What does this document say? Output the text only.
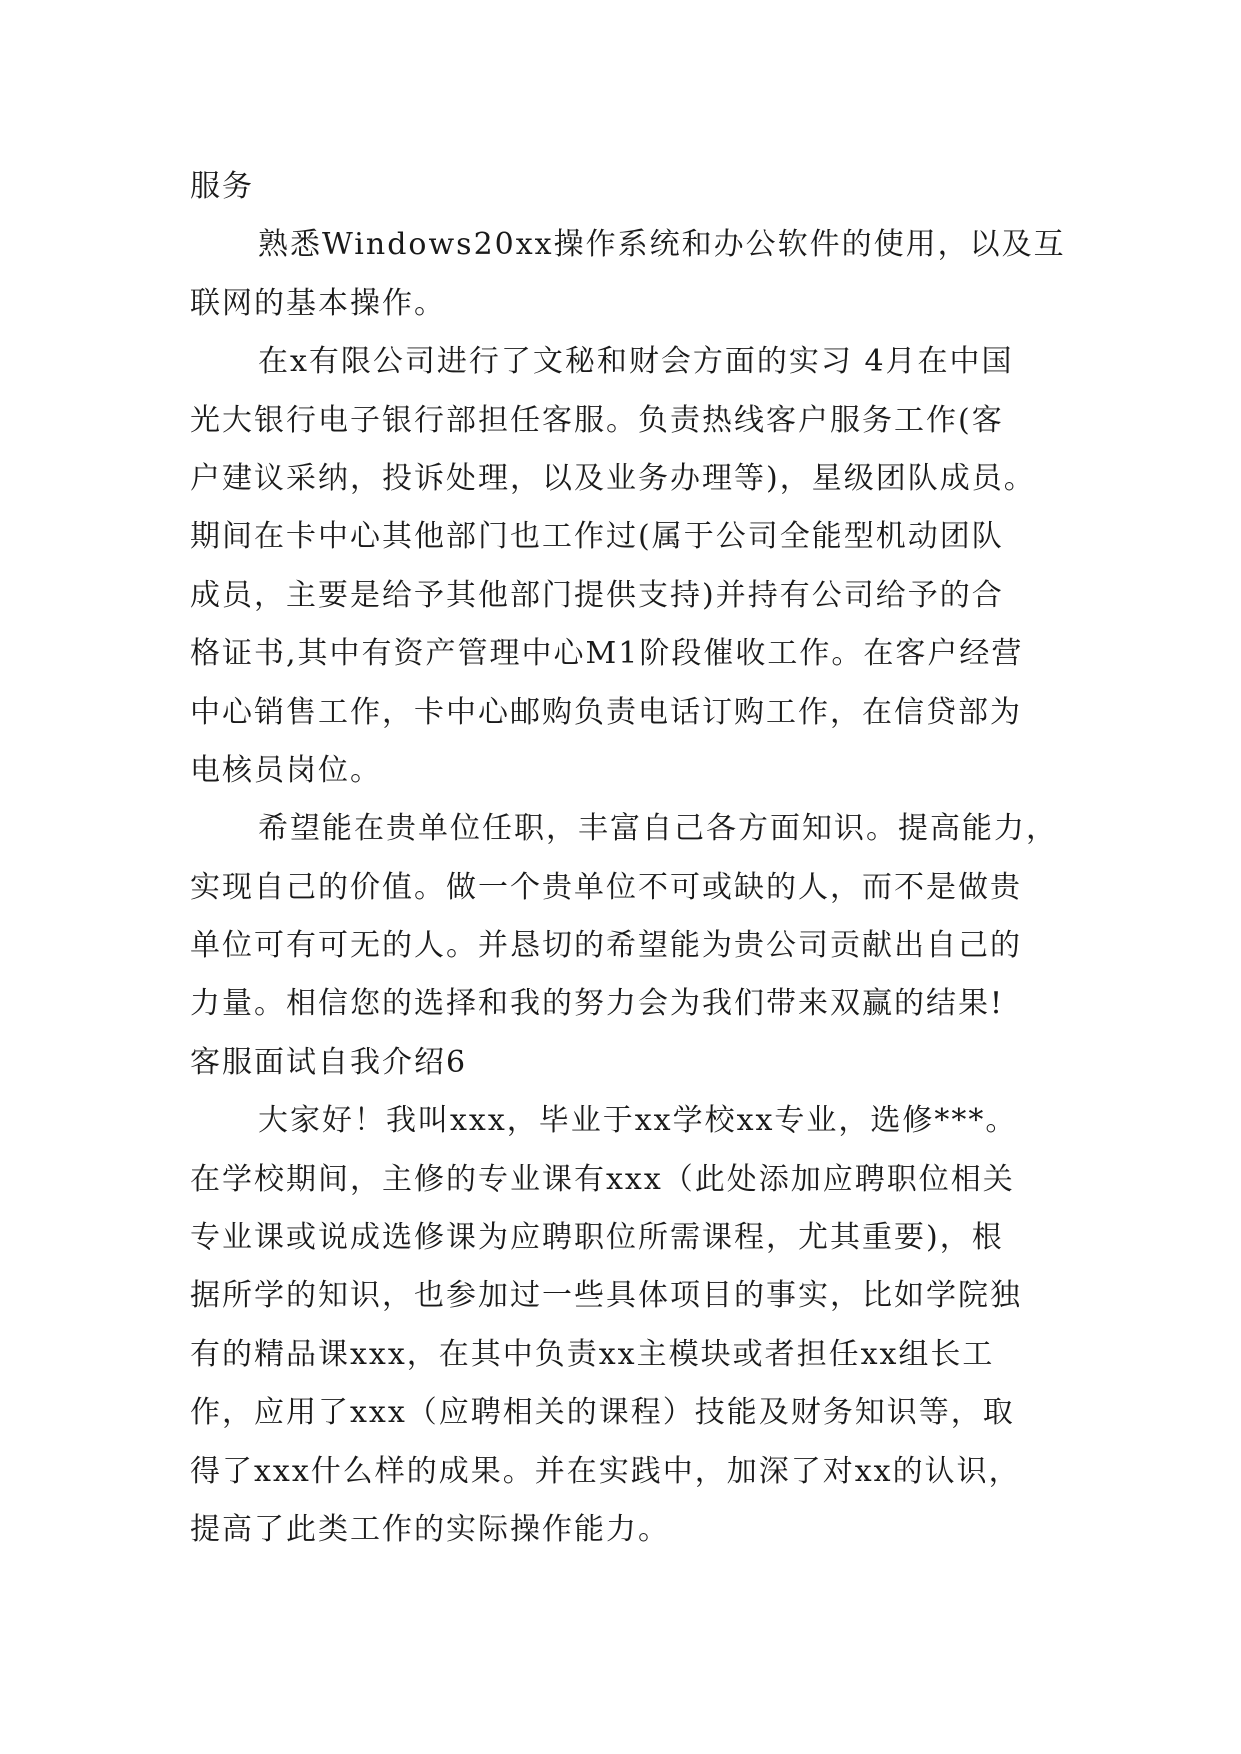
服务
熟悉Windows20xx操作系统和办公软件的使用，以及互
联网的基本操作。
在x有限公司进行了文秘和财会方面的实习 4月在中国
光大银行电子银行部担任客服。负责热线客户服务工作(客
户建议采纳，投诉处理，以及业务办理等)，星级团队成员。
期间在卡中心其他部门也工作过(属于公司全能型机动团队
成员，主要是给予其他部门提供支持)并持有公司给予的合
格证书,其中有资产管理中心M1阶段催收工作。在客户经营
中心销售工作，卡中心邮购负责电话订购工作，在信贷部为
电核员岗位。
希望能在贵单位任职，丰富自己各方面知识。提高能力，
实现自己的价值。做一个贵单位不可或缺的人，而不是做贵
单位可有可无的人。并恳切的希望能为贵公司贡献出自己的
力量。相信您的选择和我的努力会为我们带来双赢的结果!
客服面试自我介绍6
大家好！我叫xxx，毕业于xx学校xx专业，选修***。
在学校期间，主修的专业课有xxx（此处添加应聘职位相关
专业课或说成选修课为应聘职位所需课程，尤其重要)，根
据所学的知识，也参加过一些具体项目的事实，比如学院独
有的精品课xxx，在其中负责xx主模块或者担任xx组长工
作，应用了xxx（应聘相关的课程）技能及财务知识等，取
得了xxx什么样的成果。并在实践中，加深了对xx的认识，
提高了此类工作的实际操作能力。
